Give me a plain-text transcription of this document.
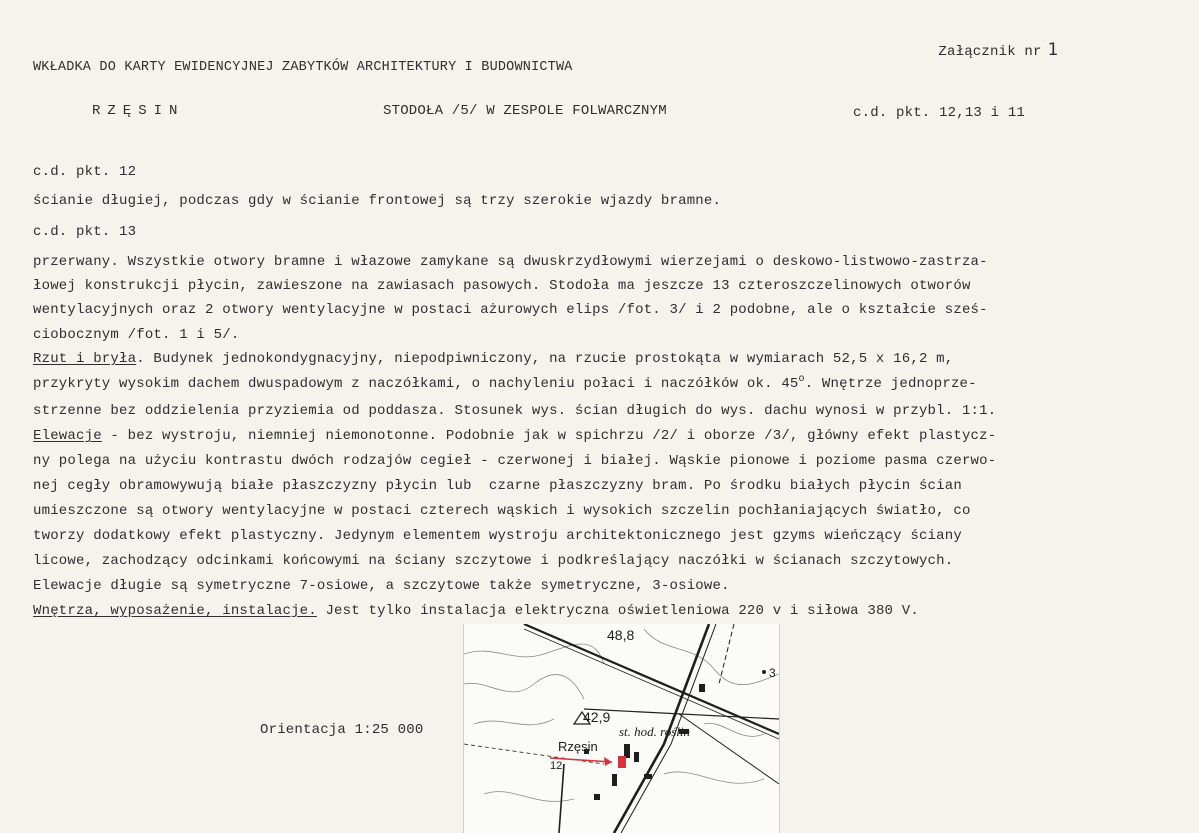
Załącznik nr 1

WKŁADKA DO KARTY EWIDENCYJNEJ ZABYTKÓW ARCHITEKTURY I BUDOWNICTWA
RZĘSIN	STODOŁA /5/ W ZESPOLE FOLWARCZNYM	c.d. pkt. 12,13 i 11
c.d. pkt. 12
ścianie długiej, podczas gdy w ścianie frontowej są trzy szerokie wjazdy bramne.
c.d. pkt. 13
przerwany. Wszystkie otwory bramne i włazowe zamykane są dwuskrzydłowymi wierzejami o deskowo-listwowo-zastrza-
łowej konstrukcji płycin, zawieszone na zawiasach pasowych. Stodoła ma jeszcze 13 czteroszczelinowych otworów
wentylacyjnych oraz 2 otwory wentylacyjne w postaci ażurowych elips /fot. 3/ i 2 podobne, ale o kształcie sześ-
ciobocznym /fot. 1 i 5/.
Rzut i bryła. Budynek jednokondygnacyjny, niepodpiwniczony, na rzucie prostokąta w wymiarach 52,5 x 16,2 m,
przykryty wysokim dachem dwuspadowym z naczółkami, o nachyleniu połaci i naczółków ok. 45$^o$. Wnętrze jednoprze-
strzenne bez oddzielenia przyziemia od poddasza. Stosunek wys. ścian długich do wys. dachu wynosi w przybl. 1:1.
Elewacje - bez wystroju, niemniej niemonotonne. Podobnie jak w spichrzu /2/ i oborze /3/, główny efekt plastycz-
ny polega na użyciu kontrastu dwóch rodzajów cegieł - czerwonej i białej. Wąskie pionowe i poziome pasma czerwo-
nej cegły obramowywują białe płaszczyzny płycin lub  czarne płaszczyzny bram. Po środku białych płycin ścian
umieszczone są otwory wentylacyjne w postaci czterech wąskich i wysokich szczelin pochłaniających światło, co
tworzy dodatkowy efekt plastyczny. Jedynym elementem wystroju architektonicznego jest gzyms wieńczący ściany
licowe, zachodzący odcinkami końcowymi na ściany szczytowe i podkreślający naczółki w ścianach szczytowych.
Elewacje długie są symetryczne 7-osiowe, a szczytowe także symetryczne, 3-osiowe.
Wnętrza, wyposażenie, instalacje. Jest tylko instalacja elektryczna oświetleniowa 220 v i siłowa 380 V.
Orientacja 1:25 000
48,8
42,9
3
st. hod. roślin
Rzęsin
12
